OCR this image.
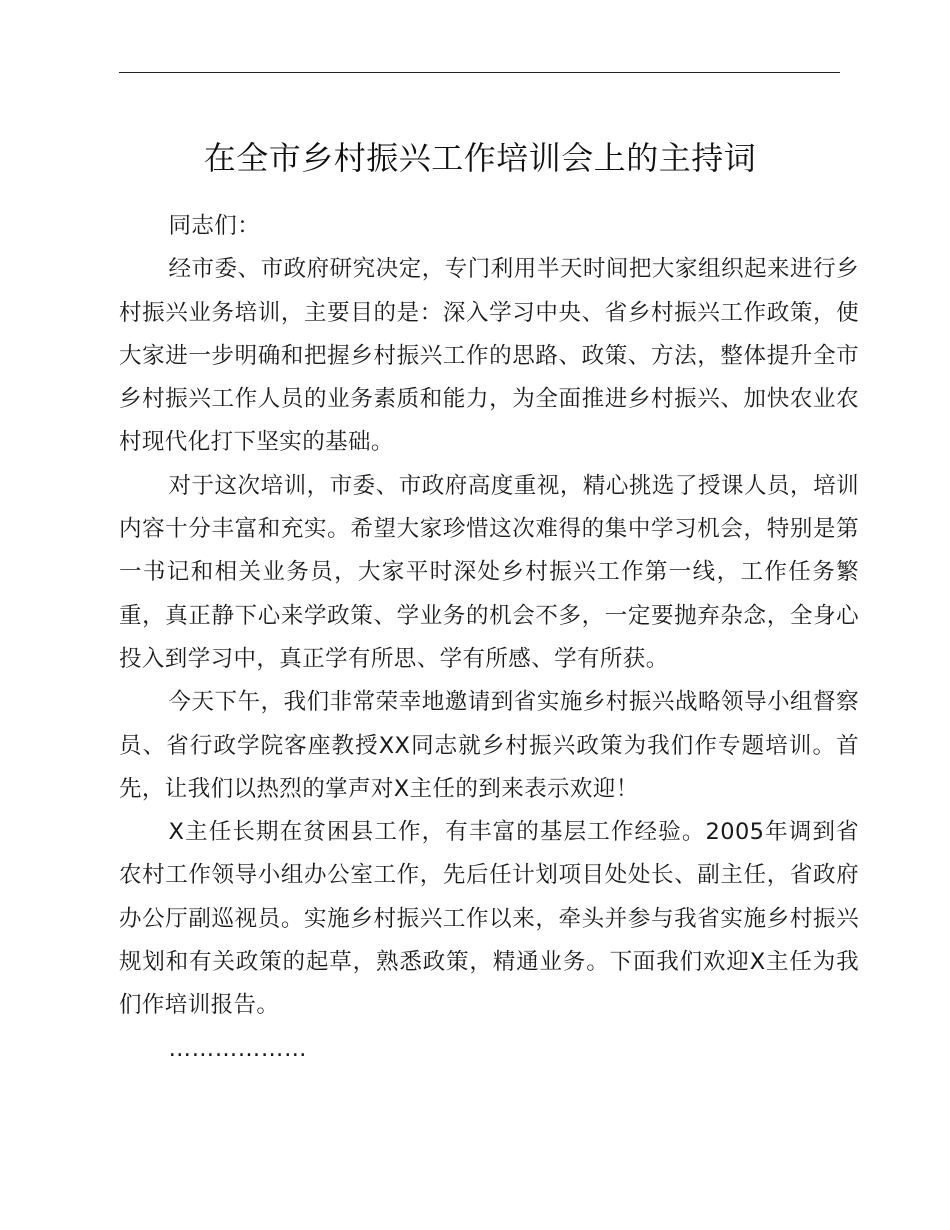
在全市乡村振兴工作培训会上的主持词

同志们：

经市委、市政府研究决定，专门利用半天时间把大家组织起来进行乡村振兴业务培训，主要目的是：深入学习中央、省乡村振兴工作政策，使大家进一步明确和把握乡村振兴工作的思路、政策、方法，整体提升全市乡村振兴工作人员的业务素质和能力，为全面推进乡村振兴、加快农业农村现代化打下坚实的基础。

对于这次培训，市委、市政府高度重视，精心挑选了授课人员，培训内容十分丰富和充实。希望大家珍惜这次难得的集中学习机会，特别是第一书记和相关业务员，大家平时深处乡村振兴工作第一线，工作任务繁重，真正静下心来学政策、学业务的机会不多，一定要抛弃杂念，全身心投入到学习中，真正学有所思、学有所感、学有所获。

今天下午，我们非常荣幸地邀请到省实施乡村振兴战略领导小组督察员、省行政学院客座教授XX同志就乡村振兴政策为我们作专题培训。首先，让我们以热烈的掌声对X主任的到来表示欢迎！

X主任长期在贫困县工作，有丰富的基层工作经验。2005年调到省农村工作领导小组办公室工作，先后任计划项目处处长、副主任，省政府办公厅副巡视员。实施乡村振兴工作以来，牵头并参与我省实施乡村振兴规划和有关政策的起草，熟悉政策，精通业务。下面我们欢迎X主任为我们作培训报告。

………………
